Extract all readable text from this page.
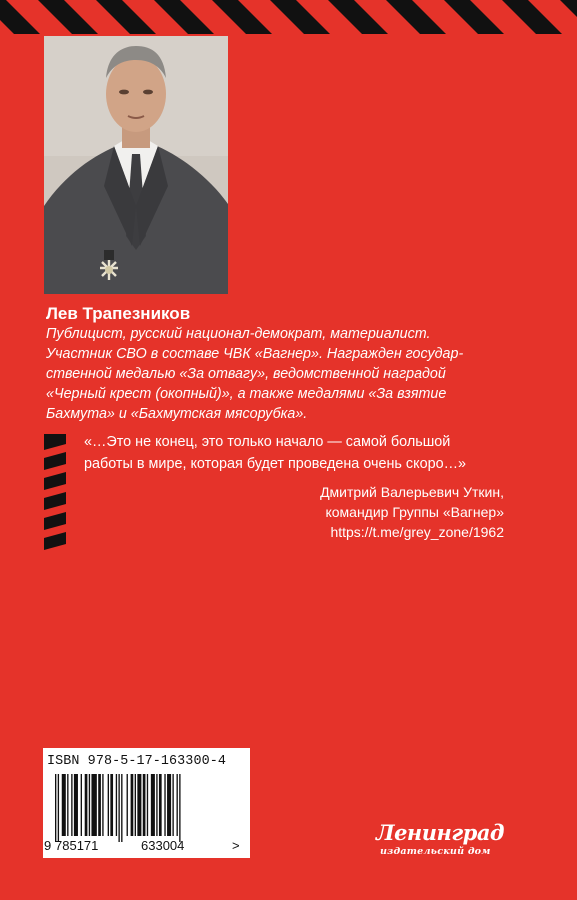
Лев Трапезников

Публицист, русский национал-демократ, материалист.
Участник СВО в составе ЧВК «Вагнер». Награжден государ-
ственной медалью «За отвагу», ведомственной наградой
«Черный крест (окопный)», а также медалями «За взятие
Бахмута» и «Бахмутская мясорубка».

«…Это не конец, это только начало — самой большой
работы в мире, которая будет проведена очень скоро…»

Дмитрий Валерьевич Уткин,
командир Группы «Вагнер»
https://t.me/grey_zone/1962

ISBN 978-5-17-163300-4

9 785171	633004	>

Ленинград

издательский дом
